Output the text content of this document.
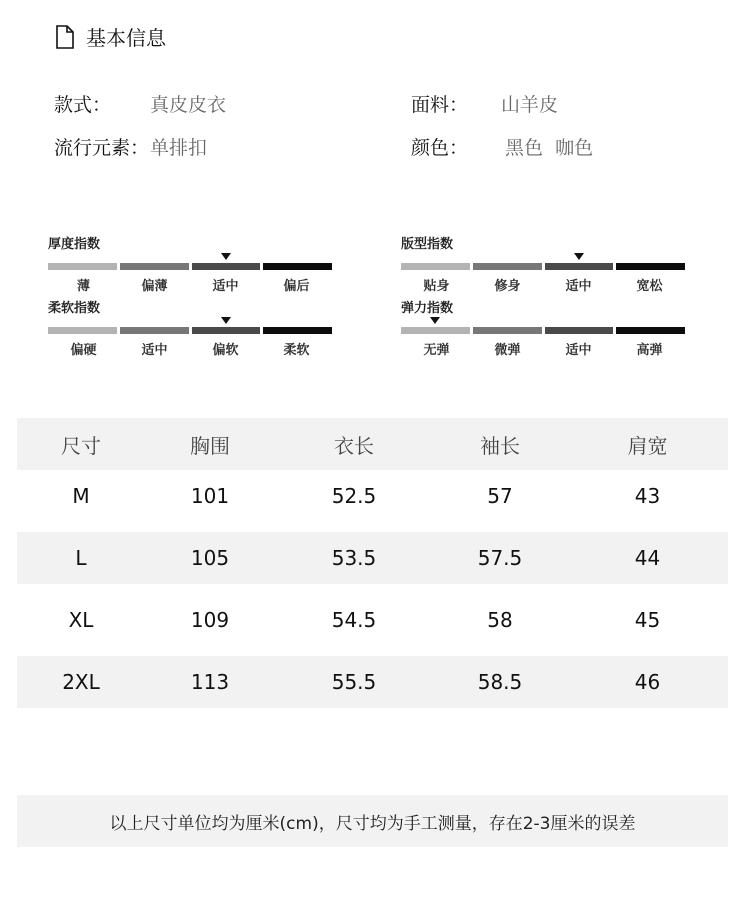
基本信息
款式： 真皮皮衣	面料： 山羊皮
流行元素： 单排扣	颜色： 黑色  咖色
厚度指数
薄	偏薄	适中	偏后
版型指数
贴身	修身	适中	宽松
柔软指数
偏硬	适中	偏软	柔软
弹力指数
无弹	微弹	适中	高弹
尺寸	胸围	衣长	袖长	肩宽
M	101	52.5	57	43
L	105	53.5	57.5	44
XL	109	54.5	58	45
2XL	113	55.5	58.5	46
以上尺寸单位均为厘米(cm)，尺寸均为手工测量，存在2-3厘米的误差
